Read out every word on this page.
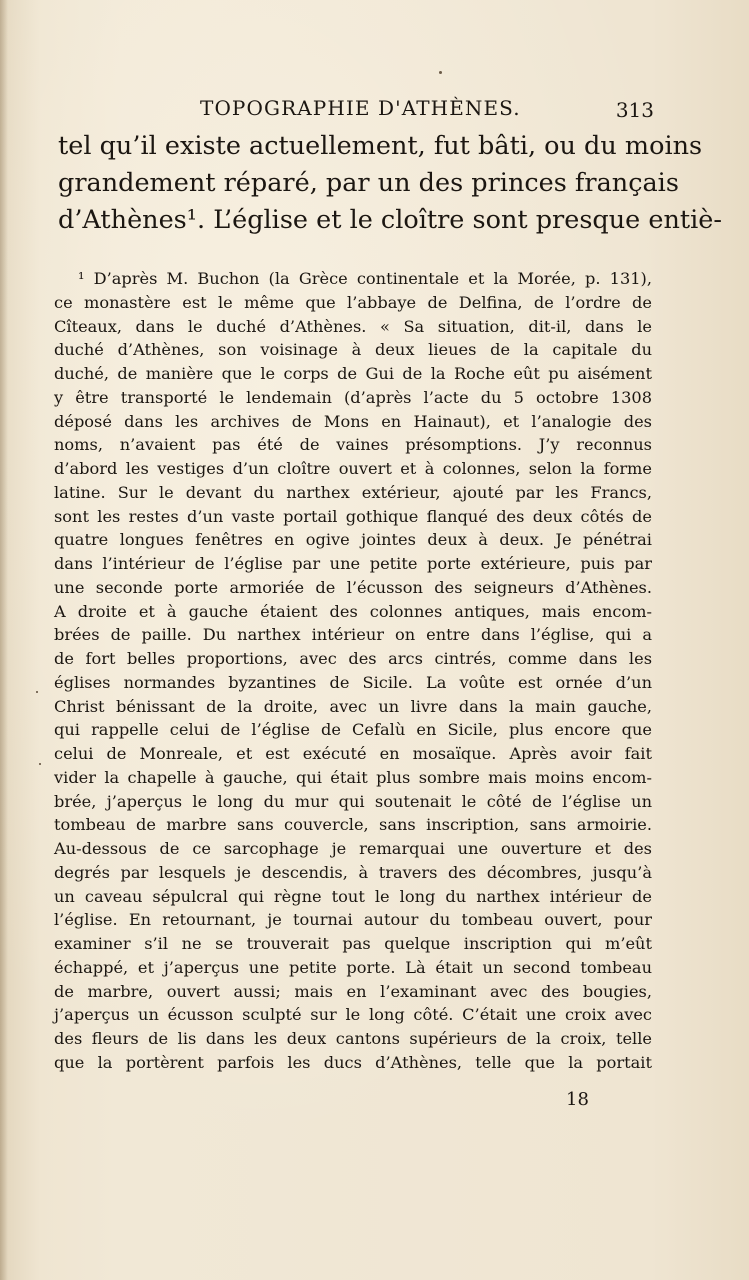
TOPOGRAPHIE D'ATHÈNES.	313
tel qu’il existe actuellement, fut bâti, ou du moins
grandement réparé, par un des princes français
d’Athènes¹. L’église et le cloître sont presque entiè-
¹ D’après M. Buchon (la Grèce continentale et la Morée, p. 131),
ce monastère est le même que l’abbaye de Delfina, de l’ordre de
Cîteaux, dans le duché d’Athènes. « Sa situation, dit-il, dans le
duché d’Athènes, son voisinage à deux lieues de la capitale du
duché, de manière que le corps de Gui de la Roche eût pu aisément
y être transporté le lendemain (d’après l’acte du 5 octobre 1308
déposé dans les archives de Mons en Hainaut), et l’analogie des
noms, n’avaient pas été de vaines présomptions. J’y reconnus
d’abord les vestiges d’un cloître ouvert et à colonnes, selon la forme
latine. Sur le devant du narthex extérieur, ajouté par les Francs,
sont les restes d’un vaste portail gothique flanqué des deux côtés de
quatre longues fenêtres en ogive jointes deux à deux. Je pénétrai
dans l’intérieur de l’église par une petite porte extérieure, puis par
une seconde porte armoriée de l’écusson des seigneurs d’Athènes.
A droite et à gauche étaient des colonnes antiques, mais encom-
brées de paille. Du narthex intérieur on entre dans l’église, qui a
de fort belles proportions, avec des arcs cintrés, comme dans les
églises normandes byzantines de Sicile. La voûte est ornée d’un
Christ bénissant de la droite, avec un livre dans la main gauche,
qui rappelle celui de l’église de Cefalù en Sicile, plus encore que
celui de Monreale, et est exécuté en mosaïque. Après avoir fait
vider la chapelle à gauche, qui était plus sombre mais moins encom-
brée, j’aperçus le long du mur qui soutenait le côté de l’église un
tombeau de marbre sans couvercle, sans inscription, sans armoirie.
Au-dessous de ce sarcophage je remarquai une ouverture et des
degrés par lesquels je descendis, à travers des décombres, jusqu’à
un caveau sépulcral qui règne tout le long du narthex intérieur de
l’église. En retournant, je tournai autour du tombeau ouvert, pour
examiner s’il ne se trouverait pas quelque inscription qui m’eût
échappé, et j’aperçus une petite porte. Là était un second tombeau
de marbre, ouvert aussi; mais en l’examinant avec des bougies,
j’aperçus un écusson sculpté sur le long côté. C’était une croix avec
des fleurs de lis dans les deux cantons supérieurs de la croix, telle
que la portèrent parfois les ducs d’Athènes, telle que la portait
18
